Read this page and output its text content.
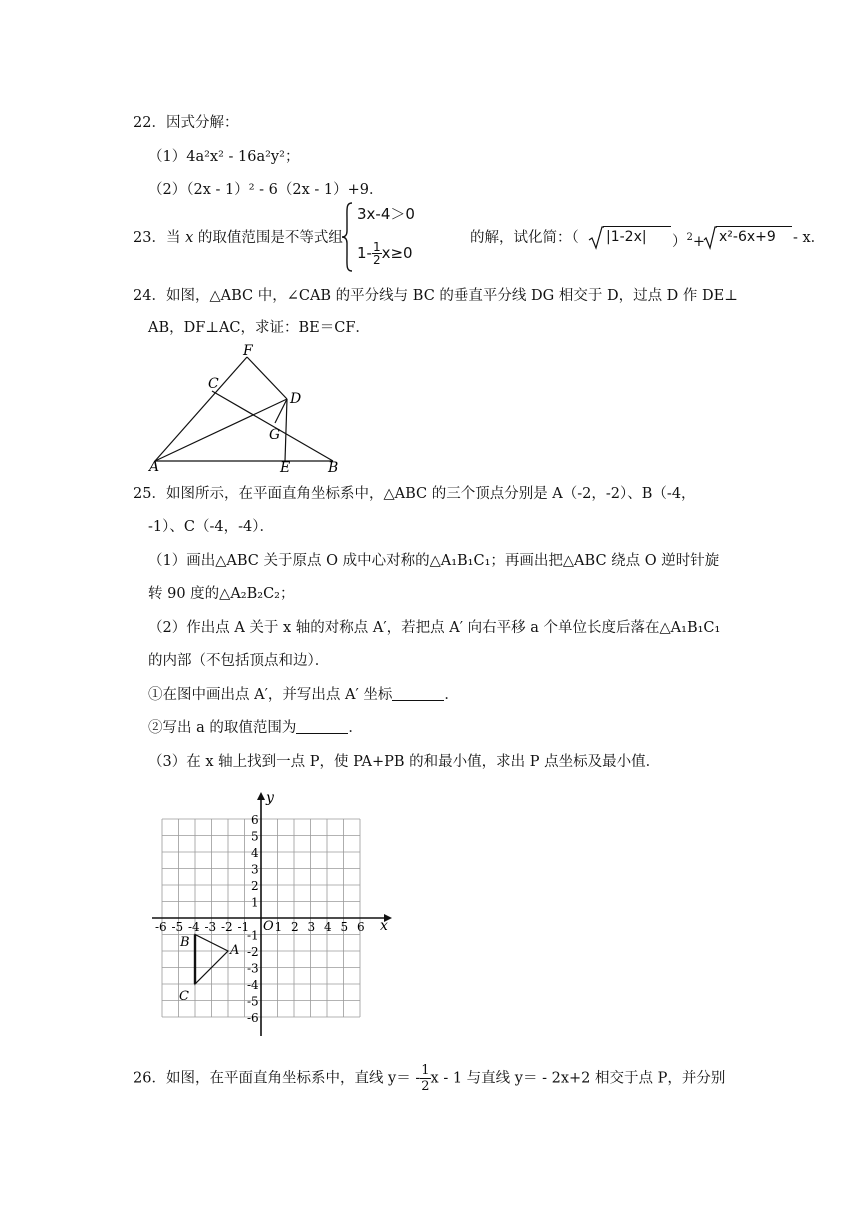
22．因式分解：
（1）4a²x² ‑ 16a²y²；
（2）（2x ‑ 1）² ‑ 6（2x ‑ 1）+9．
23．当 x 的取值范围是不等式组
3x‑4＞0
1‑ $\frac{1}{2} x\ge 0$
的解，试化简：（ |1‑2x| ）$^2$+ x²‑6x+9 ‑ x．
24．如图，△ABC 中，∠CAB 的平分线与 BC 的垂直平分线 DG 相交于 D，过点 D 作 DE⊥
AB，DF⊥AC，求证：BE＝CF．
F
C
D
G
A	E	B
25．如图所示，在平面直角坐标系中，△ABC 的三个顶点分别是 A（‑2，‑2）、B（‑4，
‑1）、C（‑4，‑4）．
（1）画出△ABC 关于原点 O 成中心对称的△A₁B₁C₁；再画出把△ABC 绕点 O 逆时针旋
转 90 度的△A₂B₂C₂；
（2）作出点 A 关于 x 轴的对称点 A′，若把点 A′ 向右平移 a 个单位长度后落在△A₁B₁C₁
的内部（不包括顶点和边）．
①在图中画出点 A′，并写出点 A′ 坐标	．
②写出 a 的取值范围为	．
（3）在 x 轴上找到一点 P，使 PA+PB 的和最小值，求出 P 点坐标及最小值．
x
y
O
-6 -5 -4 -3 -2 -1 1 2 3 4 5 6
1
2
3
4
5
6
-1
-2
-3
-4
-5
-6
A
B
C
26．如图，在平面直角坐标系中，直线 y＝ ‑ $\frac{1}{2}$ x ‑ 1 与直线 y＝ ‑ 2x+2 相交于点 P，并分别
